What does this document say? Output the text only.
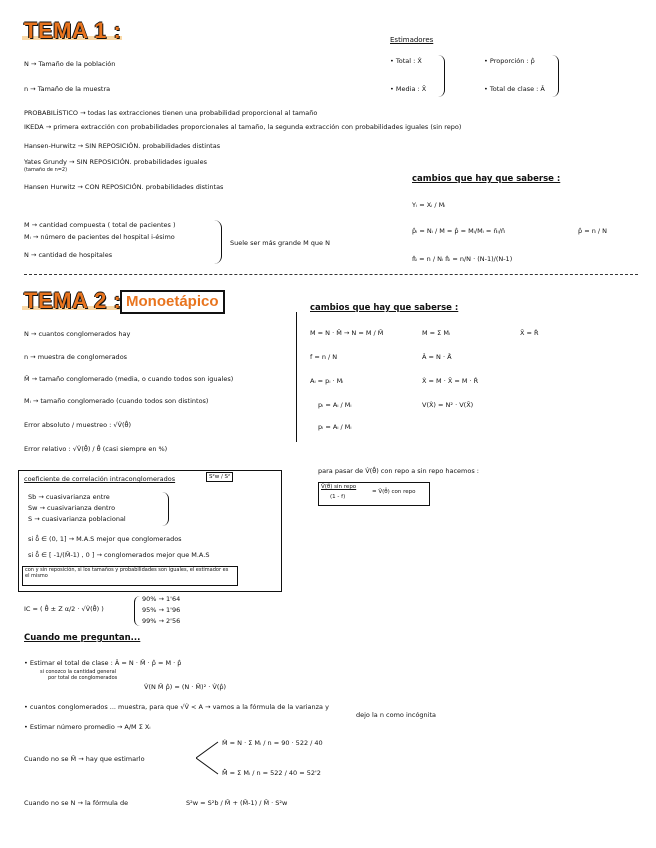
TEMA 1 :	Estimadores
• Total : X̂
• Media : X̄
• Proporción : p̂
• Total de clase : Â
N → Tamaño de la población
n → Tamaño de la muestra
PROBABILÍSTICO → todas las extracciones tienen una probabilidad proporcional al tamaño
IKEDA → primera extracción con probabilidades proporcionales al tamaño, la segunda extracción con probabilidades iguales (sin repo)
Hansen-Hurwitz → SIN REPOSICIÓN. probabilidades distintas
Yates Grundy → SIN REPOSICIÓN. probabilidades iguales
(tamaño de n=2)
Hansen Hurwitz → CON REPOSICIÓN. probabilidades distintas
M → cantidad compuesta ( total de pacientes )
Mᵢ → número de pacientes del hospital i-ésimo
N → cantidad de hospitales
Suele ser más grande M que N
cambios que hay que saberse :
Yᵢ = Xᵢ / Mᵢ
p̂ᵢ = Nᵢ / M = p̂ = Mᵢ/Mᵢ = n̄ᵢ/n̄	p̂ = n / N
π̂ᵢ = n / Nᵢ π̂ᵢ = n/N · (N-1)/(N-1)
TEMA 2 : Monoetápico
N → cuantos conglomerados hay
n → muestra de conglomerados
M̄ → tamaño conglomerado (media, o cuando todos son iguales)
Mᵢ → tamaño conglomerado (cuando todos son distintos)
Error absoluto / muestreo : √V̂(θ̂)
Error relativo : √V̂(θ̂) / θ̂ (casi siempre en %)
coeficiente de correlación intraconglomerados	S²w / S²
Sb → cuasivarianza entre
Sw → cuasivarianza dentro
S → cuasivarianza poblacional
si δ̂ ∈ (0, 1] → M.A.S mejor que conglomerados
si δ̂ ∈ [ -1/(M̄-1) , 0 ] → conglomerados mejor que M.A.S
con y sin reposición, si los tamaños y probabilidades son iguales, el estimador es el mismo
IC = ( θ̂ ± Z α/2 · √V̂(θ̂) )
90% → 1'64
95% → 1'96
99% → 2'56
cambios que hay que saberse :
M = N · M̄ → N = M / M̄	M = Σ Mᵢ	X̄ = R̂
f = n / N	Â = N · Â̄
Aᵢ = pᵢ · Mᵢ	X̂ = M · X̄ = M · R̂
pᵢ = Aᵢ / Mᵢ	V(X̂) = N² · V(X̄)
pᵢ = Aᵢ / Mᵢ
para pasar de V̂(θ̂) con repo a sin repo hacemos :
V̂(θ̂) sin repo
(1 - f)
= V̂(θ̂) con repo
Cuando me preguntan...
• Estimar el total de clase : Â = N · M̄ · p̂ = M · p̂
si conozco la cantidad general
por total de conglomerados
V̂(N M̄ p̂) = (N · M̄)² · V̂(p̂)
• cuantos conglomerados ... muestra, para que √V̂ < A → vamos a la fórmula de la varianza y
dejo la n como incógnita
• Estimar número promedio → A/M Σ Xᵢ
Cuando no se M̄ → hay que estimarlo
M̂ = N · Σ Mᵢ / n = 90 · 522 / 40
M̄̂ = Σ Mᵢ / n = 522 / 40 = 52'2
Cuando no se N → la fórmula de	S²w = S²b / M̄ + (M̄-1) / M̄ · S²w
